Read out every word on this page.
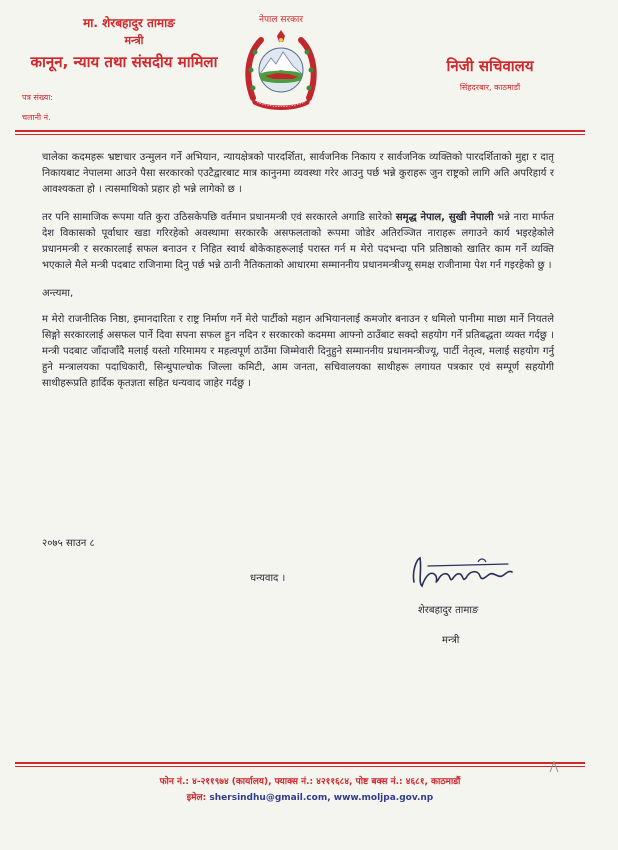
मा. शेरबहादुर तामाङ
मन्त्री
कानून, न्याय तथा संसदीय मामिला
पत्र संख्या:
चलानी नं.
नेपाल सरकार
निजी सचिवालय
सिंहदरबार, काठमाडौं

चालेका कदमहरू भ्रष्टाचार उन्मुलन गर्ने अभियान, न्यायक्षेत्रको पारदर्शिता, सार्वजनिक निकाय र सार्वजनिक व्यक्तिको पारदर्शिताको मुद्दा र दातृ निकायबाट नेपालमा आउने पैसा सरकारको एउटैद्वारबाट मात्र कानुनमा व्यवस्था गरेर आउनु पर्छ भन्ने कुराहरू जुन राष्ट्रको लागि अति अपरिहार्य र आवश्यकता हो । त्यसमाथिको प्रहार हो भन्ने लागेको छ ।

तर पनि सामाजिक रूपमा यति कुरा उठिसकेपछि वर्तमान प्रधानमन्त्री एवं सरकारले अगाडि सारेको समृद्ध नेपाल, सुखी नेपाली भन्ने नारा मार्फत देश विकासको पूर्वाधार खडा गरिरहेको अवस्थामा सरकारकै असफलताको रूपमा जोडेर अतिरञ्जित नाराहरू लगाउने कार्य भइरहेकोले प्रधानमन्त्री र सरकारलाई सफल बनाउन र निहित स्वार्थ बोकेकाहरूलाई परास्त गर्न म मेरो पदभन्दा पनि प्रतिष्ठाको खातिर काम गर्ने व्यक्ति भएकाले मैले मन्त्री पदबाट राजिनामा दिनु पर्छ भन्ने ठानी नैतिकताको आधारमा सम्माननीय प्रधानमन्त्रीज्यू समक्ष राजीनामा पेश गर्न गइरहेको छु ।

अन्त्यमा,

म मेरो राजनीतिक निष्ठा, इमानदारिता र राष्ट्र निर्माण गर्ने मेरो पार्टीको महान अभियानलाई कमजोर बनाउन र धमिलो पानीमा माछा मार्ने नियतले सिङ्गो सरकारलाई असफल पार्ने दिवा सपना सफल हुन नदिन र सरकारको कदममा आफ्नो ठाउँबाट सक्दो सहयोग गर्ने प्रतिबद्धता व्यक्त गर्दछु । मन्त्री पदबाट जाँदाजाँदै मलाई यस्तो गरिमामय र महत्वपूर्ण ठाउँमा जिम्मेवारी दिनुहुने सम्माननीय प्रधानमन्त्रीज्यू, पार्टी नेतृत्व, मलाई सहयोग गर्नु हुने मन्त्रालयका पदाधिकारी, सिन्धुपाल्चोक जिल्ला कमिटी, आम जनता, सचिवालयका साथीहरू लगायत पत्रकार एवं सम्पूर्ण सहयोगी साथीहरूप्रति हार्दिक कृतज्ञता सहित धन्यवाद जाहेर गर्दछु ।

२०७५ साउन ८
धन्यवाद ।
शेरबहादुर तामाङ
मन्त्री
फोन नं.: ४-२११९७४ (कार्यालय), फ्याक्स नं.: ४२११६८४, पोष्ट बक्स नं.: ४६८१, काठमाडौं
इमेल: shersindhu@gmail.com, www.moljpa.gov.np
